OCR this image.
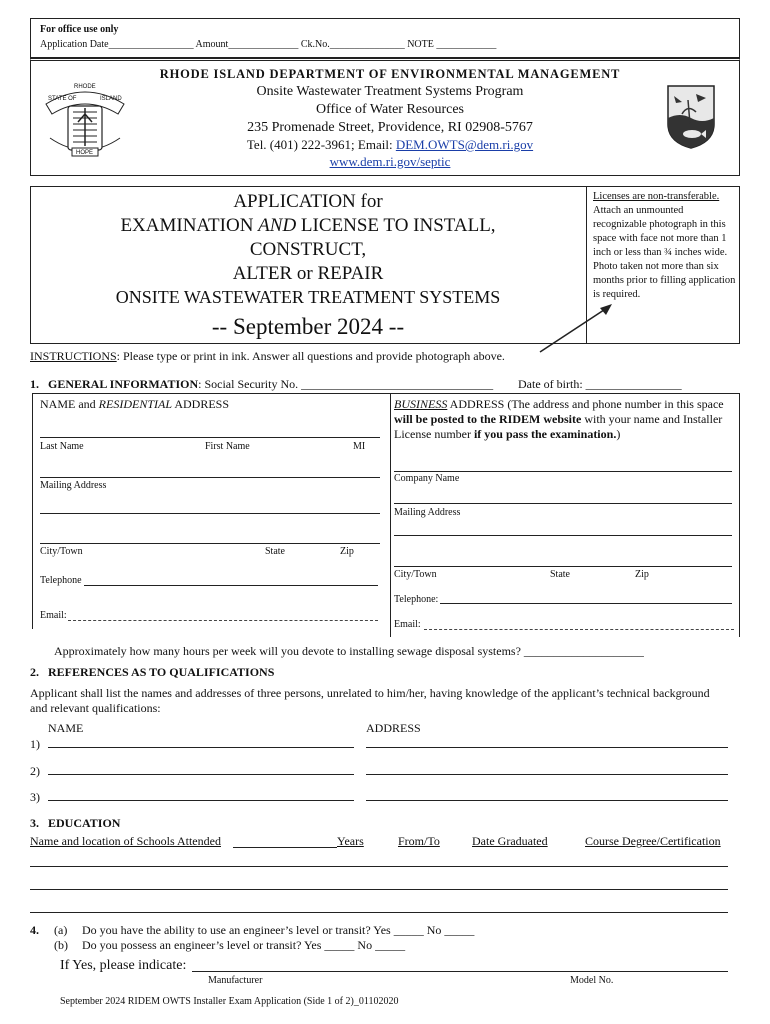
For office use only
Application Date_________________ Amount______________ Ck.No._______________ NOTE ____________
RHODE
STATE OF	ISLAND
HOPE
RHODE ISLAND DEPARTMENT OF ENVIRONMENTAL MANAGEMENT
Onsite Wastewater Treatment Systems Program
Office of Water Resources
235 Promenade Street, Providence, RI 02908-5767
Tel. (401) 222-3961; Email: DEM.OWTS@dem.ri.gov
www.dem.ri.gov/septic
APPLICATION for
EXAMINATION AND LICENSE TO INSTALL,
CONSTRUCT,
ALTER or REPAIR
ONSITE WASTEWATER TREATMENT SYSTEMS
-- September 2024 --
Licenses are non-transferable.
Attach an unmounted recognizable photograph in this space with face not more than 1 inch or less than ¾ inches wide. Photo taken not more than six months prior to filling application is required.
INSTRUCTIONS: Please type or print in ink. Answer all questions and provide photograph above.
1. GENERAL INFORMATION: Social Security No. ________________________________ Date of birth: ________________
NAME and RESIDENTIAL ADDRESS
Last Name	First Name	MI
Mailing Address
City/Town	State	Zip
Telephone
Email:
BUSINESS ADDRESS (The address and phone number in this space will be posted to the RIDEM website with your name and Installer License number if you pass the examination.)
Company Name
Mailing Address
City/Town	State	Zip
Telephone:
Email:
Approximately how many hours per week will you devote to installing sewage disposal systems? ____________________
2. REFERENCES AS TO QUALIFICATIONS
Applicant shall list the names and addresses of three persons, unrelated to him/her, having knowledge of the applicant’s technical background and relevant qualifications:
NAME	ADDRESS
1)
2)
3)
3. EDUCATION
Name and location of Schools Attended	Years	From/To	Date Graduated	Course Degree/Certification
4. (a) Do you have the ability to use an engineer’s level or transit? Yes _____ No _____
(b) Do you possess an engineer’s level or transit? Yes _____ No _____
If Yes, please indicate:
Manufacturer	Model No.
September 2024 RIDEM OWTS Installer Exam Application (Side 1 of 2)_01102020
